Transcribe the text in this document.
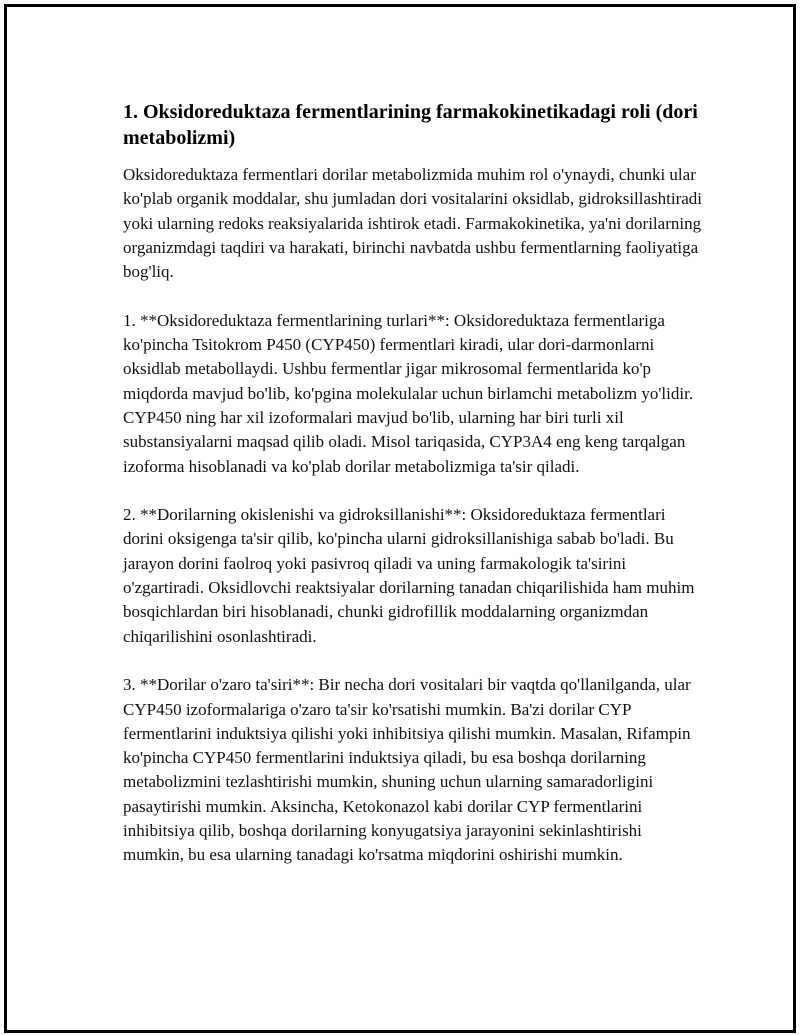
1. Oksidoreduktaza fermentlarining farmakokinetikadagi roli (dori metabolizmi)

Oksidoreduktaza fermentlari dorilar metabolizmida muhim rol o'ynaydi, chunki ular ko'plab organik moddalar, shu jumladan dori vositalarini oksidlab, gidroksillashtiradi yoki ularning redoks reaksiyalarida ishtirok etadi. Farmakokinetika, ya'ni dorilarning organizmdagi taqdiri va harakati, birinchi navbatda ushbu fermentlarning faoliyatiga bog'liq.

1. **Oksidoreduktaza fermentlarining turlari**: Oksidoreduktaza fermentlariga ko'pincha Tsitokrom P450 (CYP450) fermentlari kiradi, ular dori-darmonlarni oksidlab metabollaydi. Ushbu fermentlar jigar mikrosomal fermentlarida ko'p miqdorda mavjud bo'lib, ko'pgina molekulalar uchun birlamchi metabolizm yo'lidir. CYP450 ning har xil izoformalari mavjud bo'lib, ularning har biri turli xil substansiyalarni maqsad qilib oladi. Misol tariqasida, CYP3A4 eng keng tarqalgan izoforma hisoblanadi va ko'plab dorilar metabolizmiga ta'sir qiladi.

2. **Dorilarning okislenishi va gidroksillanishi**: Oksidoreduktaza fermentlari dorini oksigenga ta'sir qilib, ko'pincha ularni gidroksillanishiga sabab bo'ladi. Bu jarayon dorini faolroq yoki pasivroq qiladi va uning farmakologik ta'sirini o'zgartiradi. Oksidlovchi reaktsiyalar dorilarning tanadan chiqarilishida ham muhim bosqichlardan biri hisoblanadi, chunki gidrofillik moddalarning organizmdan chiqarilishini osonlashtiradi.

3. **Dorilar o'zaro ta'siri**: Bir necha dori vositalari bir vaqtda qo'llanilganda, ular CYP450 izoformalariga o'zaro ta'sir ko'rsatishi mumkin. Ba'zi dorilar CYP fermentlarini induktsiya qilishi yoki inhibitsiya qilishi mumkin. Masalan, Rifampin ko'pincha CYP450 fermentlarini induktsiya qiladi, bu esa boshqa dorilarning metabolizmini tezlashtirishi mumkin, shuning uchun ularning samaradorligini pasaytirishi mumkin. Aksincha, Ketokonazol kabi dorilar CYP fermentlarini inhibitsiya qilib, boshqa dorilarning konyugatsiya jarayonini sekinlashtirishi mumkin, bu esa ularning tanadagi ko'rsatma miqdorini oshirishi mumkin.
